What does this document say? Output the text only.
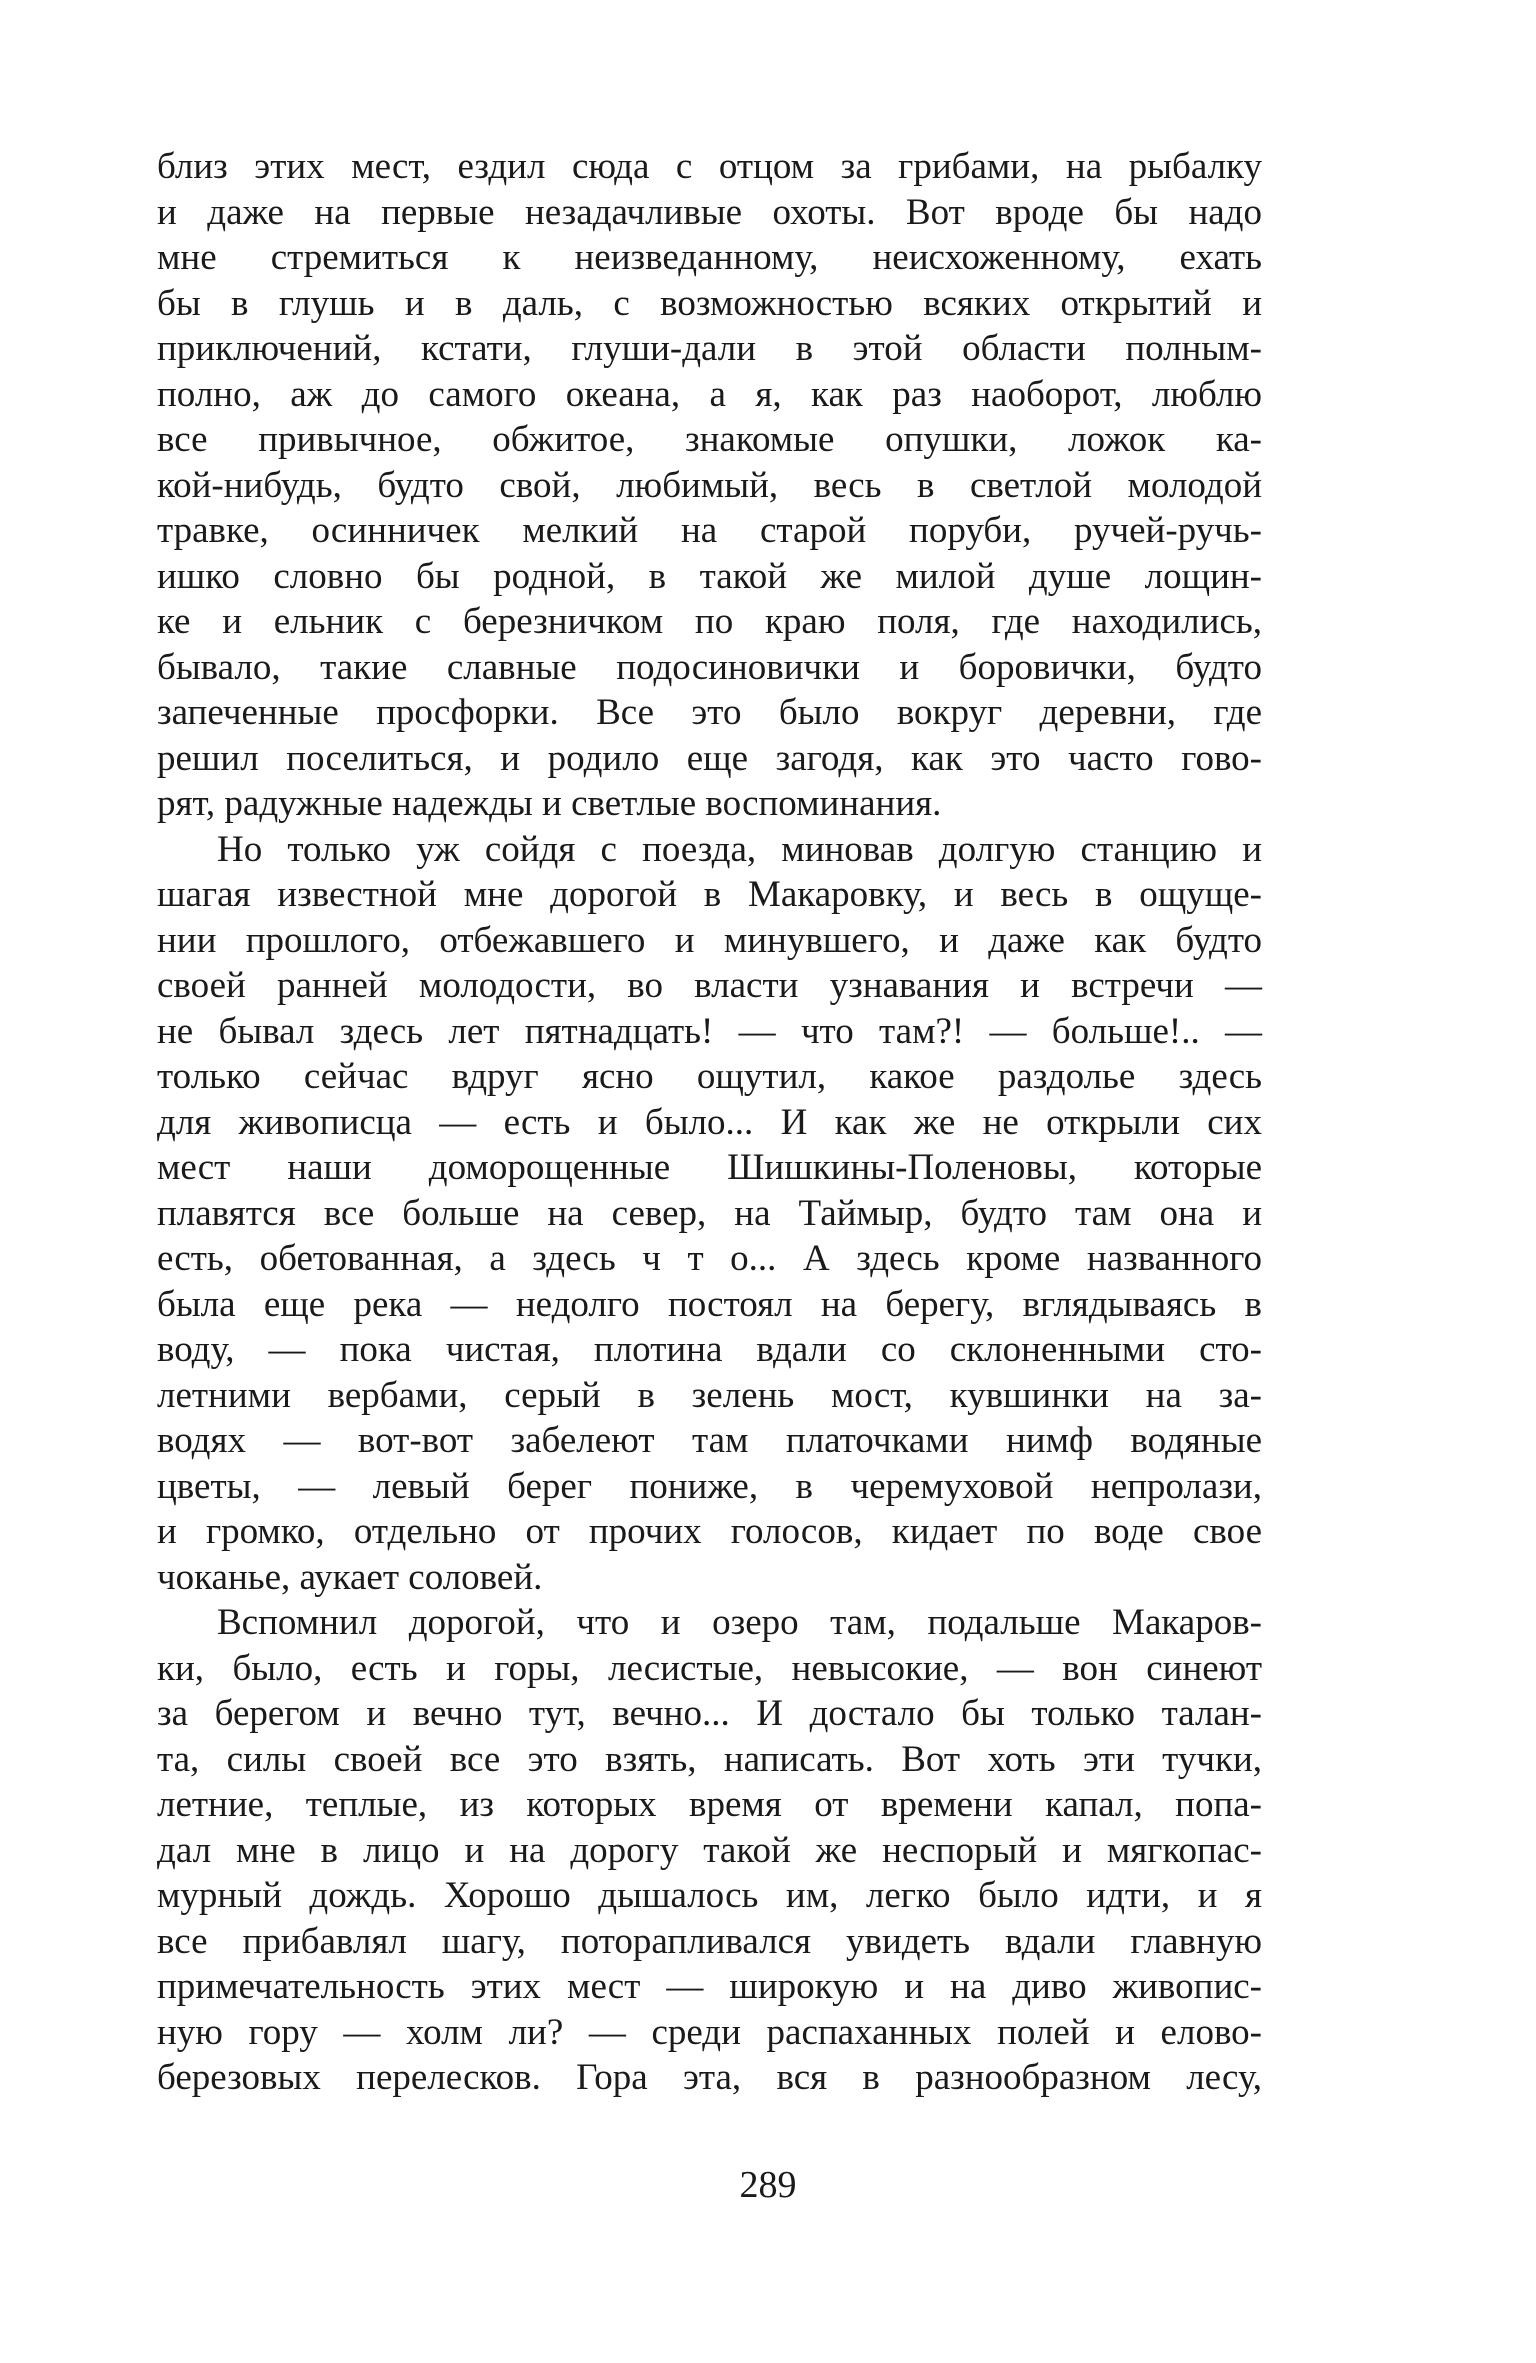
близ этих мест, ездил сюда с отцом за грибами, на рыбалку
и даже на первые незадачливые охоты. Вот вроде бы надо
мне стремиться к неизведанному, неисхоженному, ехать
бы в глушь и в даль, с возможностью всяких открытий и
приключений, кстати, глуши-дали в этой области полным-
полно, аж до самого океана, а я, как раз наоборот, люблю
все привычное, обжитое, знакомые опушки, ложок ка-
кой-нибудь, будто свой, любимый, весь в светлой молодой
травке, осинничек мелкий на старой поруби, ручей-ручь-
ишко словно бы родной, в такой же милой душе лощин-
ке и ельник с березничком по краю поля, где находились,
бывало, такие славные подосиновички и боровички, будто
запеченные просфорки. Все это было вокруг деревни, где
решил поселиться, и родило еще загодя, как это часто гово-
рят, радужные надежды и светлые воспоминания.
Но только уж сойдя с поезда, миновав долгую станцию и
шагая известной мне дорогой в Макаровку, и весь в ощуще-
нии прошлого, отбежавшего и минувшего, и даже как будто
своей ранней молодости, во власти узнавания и встречи —
не бывал здесь лет пятнадцать! — что там?! — больше!.. —
только сейчас вдруг ясно ощутил, какое раздолье здесь
для живописца — есть и было... И как же не открыли сих
мест наши доморощенные Шишкины-Поленовы, которые
плавятся все больше на север, на Таймыр, будто там она и
есть, обетованная, а здесь ч т о... А здесь кроме названного
была еще река — недолго постоял на берегу, вглядываясь в
воду, — пока чистая, плотина вдали со склоненными сто-
летними вербами, серый в зелень мост, кувшинки на за-
водях — вот-вот забелеют там платочками нимф водяные
цветы, — левый берег пониже, в черемуховой непролази,
и громко, отдельно от прочих голосов, кидает по воде свое
чоканье, аукает соловей.
Вспомнил дорогой, что и озеро там, подальше Макаров-
ки, было, есть и горы, лесистые, невысокие, — вон синеют
за берегом и вечно тут, вечно... И достало бы только талан-
та, силы своей все это взять, написать. Вот хоть эти тучки,
летние, теплые, из которых время от времени капал, попа-
дал мне в лицо и на дорогу такой же неспорый и мягкопас-
мурный дождь. Хорошо дышалось им, легко было идти, и я
все прибавлял шагу, поторапливался увидеть вдали главную
примечательность этих мест — широкую и на диво живопис-
ную гору — холм ли? — среди распаханных полей и елово-
березовых перелесков. Гора эта, вся в разнообразном лесу,
289
